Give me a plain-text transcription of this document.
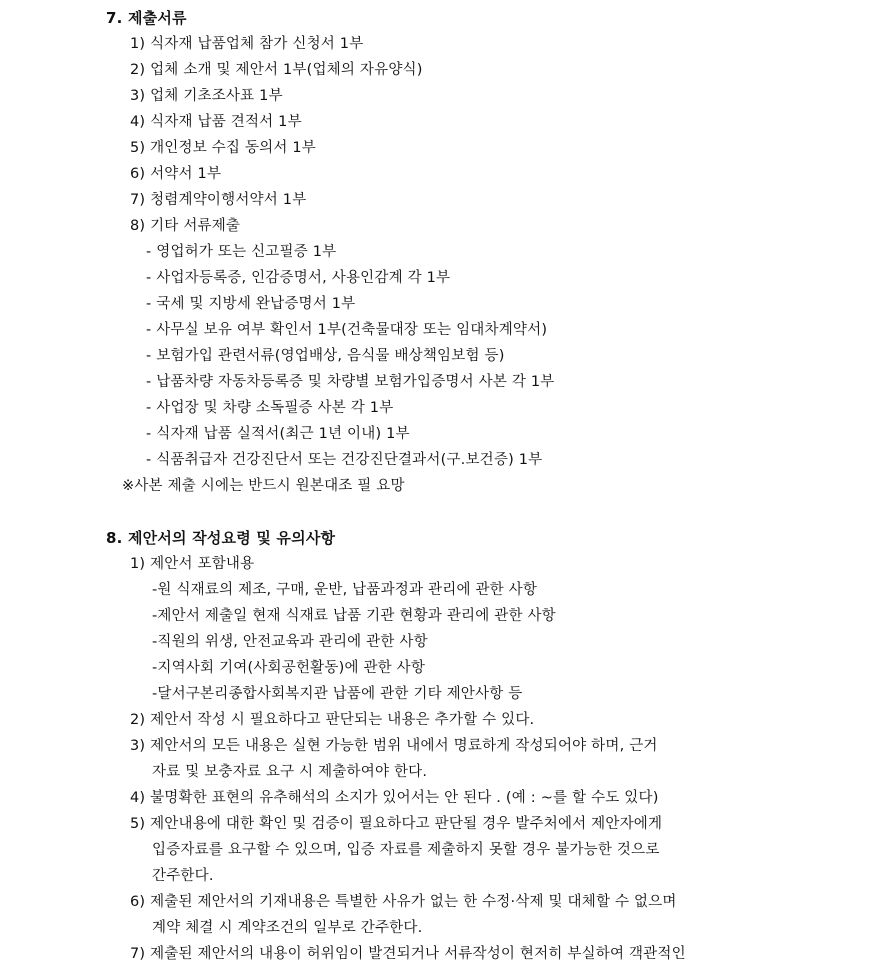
7. 제출서류
1) 식자재 납품업체 참가 신청서 1부
2) 업체 소개 및 제안서 1부(업체의 자유양식)
3) 업체 기초조사표 1부
4) 식자재 납품 견적서 1부
5) 개인정보 수집 동의서 1부
6) 서약서 1부
7) 청렴계약이행서약서 1부
8) 기타 서류제출
- 영업허가 또는 신고필증 1부
- 사업자등록증, 인감증명서, 사용인감계 각 1부
- 국세 및 지방세 완납증명서 1부
- 사무실 보유 여부 확인서 1부(건축물대장 또는 임대차계약서)
- 보험가입 관련서류(영업배상, 음식물 배상책임보험 등)
- 납품차량 자동차등록증 및 차량별 보험가입증명서 사본 각 1부
- 사업장 및 차량 소독필증 사본 각 1부
- 식자재 납품 실적서(최근 1년 이내) 1부
- 식품취급자 건강진단서 또는 건강진단결과서(구.보건증) 1부
※사본 제출 시에는 반드시 원본대조 필 요망
8. 제안서의 작성요령 및 유의사항
1) 제안서 포함내용
-원 식재료의 제조, 구매, 운반, 납품과정과 관리에 관한 사항
-제안서 제출일 현재 식재료 납품 기관 현황과 관리에 관한 사항
-직원의 위생, 안전교육과 관리에 관한 사항
-지역사회 기여(사회공헌활동)에 관한 사항
-달서구본리종합사회복지관 납품에 관한 기타 제안사항 등
2) 제안서 작성 시 필요하다고 판단되는 내용은 추가할 수 있다.
3) 제안서의 모든 내용은 실현 가능한 범위 내에서 명료하게 작성되어야 하며, 근거
자료 및 보충자료 요구 시 제출하여야 한다.
4) 불명확한 표현의 유추해석의 소지가 있어서는 안 된다 . (예 : ~를 할 수도 있다)
5) 제안내용에 대한 확인 및 검증이 필요하다고 판단될 경우 발주처에서 제안자에게
입증자료를 요구할 수 있으며, 입증 자료를 제출하지 못할 경우 불가능한 것으로
간주한다.
6) 제출된 제안서의 기재내용은 특별한 사유가 없는 한 수정·삭제 및 대체할 수 없으며
계약 체결 시 계약조건의 일부로 간주한다.
7) 제출된 제안서의 내용이 허위임이 발견되거나 서류작성이 현저히 부실하여 객관적인
